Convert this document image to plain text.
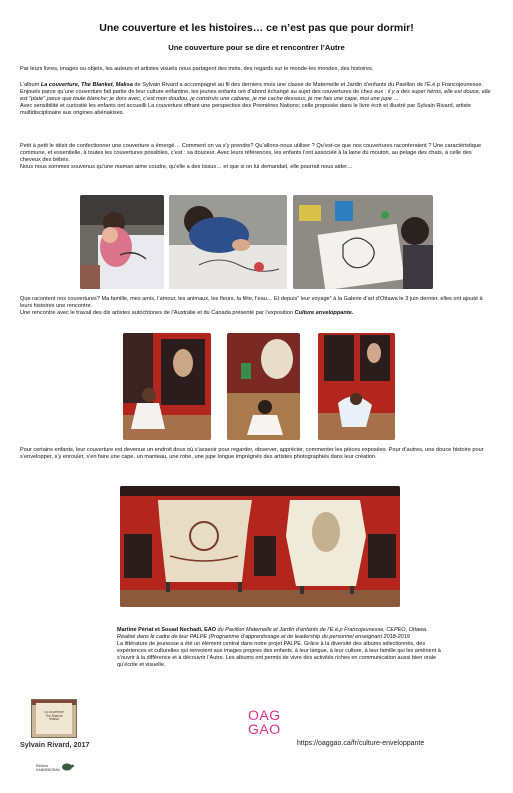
Une couverture et les histoires… ce n’est pas que pour dormir!
Une couverture pour se dire et rencontrer l’Autre

Par leurs livres, images ou objets, les auteurs et artistes visuels nous partagent des mots, des regards sur le monde-les mondes, des histoires.

L’album La couverture, The Blanket, Maksa de Sylvain Rivard a accompagné au fil des derniers mois une classe de Maternelle et Jardin d’enfants du Pavillon de l’É.é.p Francojeunesse. Enjoués parce qu’une couverture fait partie de leur culture enfantine, les jeunes enfants ont d’abord échangé au sujet des couvertures de chez eux : il y a des super héros, elle est douce, elle est "plate" parce que toute blanche; je dors avec, c’est mon doudou, je construis une cabane, je me cache dessous, je me fais une cape, moi une jupe …
Avec sensibilité et curiosité les enfants ont accueilli La couverture offrant une perspective des Premières Nations; celle proposée dans le livre écrit et illustré par Sylvain Rivard, artiste multidisciplinaire aux origines abénakises.

Petit à petit le désir de confectionner une couverture a émergé… Comment on va s’y prendre? Qu’allons-nous utiliser ? Qu’est-ce que nos couvertures raconteraient ? Une caractéristique commune, et essentielle, à toutes les couvertures possibles, c’est : sa douceur. Avec leurs références, les enfants l’ont associée à la laine du mouton, au pelage des chats, à celle des cheveux des bébés.
Nous nous sommes souvenus qu’une maman aime coudre, qu’elle a des tissus… et que si on lui demandait, elle pourrait nous aider…

Que racontent nos couvertures? Ma famille, mes amis, l’amour, les animaux, les fleurs, la fête, l’eau… Et depuis” leur voyage” à la Galerie d’art d’Ottawa le 3 juin dernier, elles ont ajouté à leurs histoires une rencontre.
Une rencontre avec le travail des dix artistes autochtones de l’Australie et du Canada présenté par l’exposition Culture enveloppante.

Pour certains enfants, leur couverture est devenue un endroit doux où s’asseoir pour regarder, observer, apprécier, commenter les pièces exposées. Pour d’autres, une douce histoire pour s’envelopper, s’y enrouler, s’en faire une cape, un manteau, une robe, une jupe longue imprégnés des artistes photographiés dans leur création.

Martine Périat et Souad Nechadi, EAO du Pavillon Maternelle et Jardin d’enfants de l’É.é.p Francojeunesse, CEPEO, Ottawa.
Réalisé dans le cadre de leur PALPE (Programme d’apprentissage et de leadership du personnel enseignant 2018-2019
La littérature de jeunesse a été un élément central dans notre projet PALPE. Grâce à la diversité des albums sélectionnés, des expériences et culturelles qui renvoient aux images propres des enfants, à leur langue, à leur culture, à leur famille qui les amènent à s’ouvrir à la différence et à découvrir l’Autre. Les albums ont permis de vivre des activités riches en communication aussi bien orale qu’écrite et visuelle.
La couverture
The Blanket
Maksa
Sylvain Rivard, 2017
Éditions
HANNENORAK
OAG
GAO
https://oaggao.ca/fr/culture-enveloppante
